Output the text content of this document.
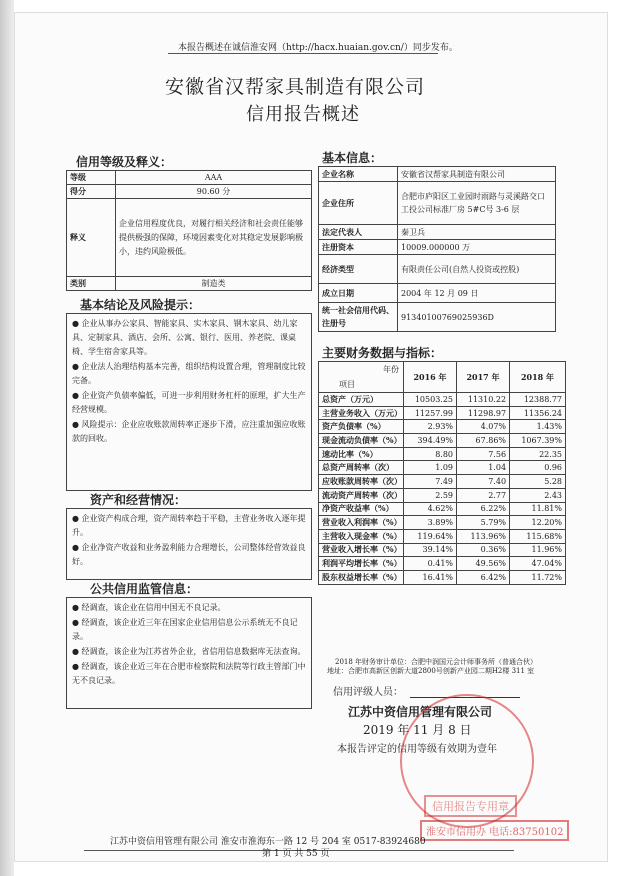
本报告概述在诚信淮安网（http://hacx.huaian.gov.cn/）同步发布。
安徽省汉帮家具制造有限公司
信用报告概述
信用等级及释义：
等级	AAA
得分	90.60 分
释义	企业信用程度优良，对履行相关经济和社会责任能够提供极强的保障，环境因素变化对其稳定发展影响极小，违约风险极低。
类别	制造类
基本信息：
企业名称	安徽省汉帮家具制造有限公司
企业住所	合肥市庐阳区工业园时雨路与灵溪路交口工投公司标准厂房 5#C号 3-6 层
法定代表人	秦卫兵
注册资本	10009.000000 万
经济类型	有限责任公司(自然人投资或控股)
成立日期	2004 年 12 月 09 日
统一社会信用代码、注册号	91340100769025936D
基本结论及风险提示：

● 企业从事办公家具、智能家具、实木家具、钢木家具、幼儿家具、定制家具、酒店、会所、公寓、银行、医用、养老院、课桌椅、学生宿舍家具等。

● 企业法人治理结构基本完善，组织结构设置合理，管理制度比较完备。

● 企业资产负债率偏低，可进一步利用财务杠杆的原理，扩大生产经营规模。

● 风险提示：企业应收账款周转率正逐步下滑，应注重加强应收账款的回收。

资产和经营情况：

● 企业资产构成合理，资产周转率趋于平稳，主营业务收入逐年提升。

● 企业净资产收益和业务盈利能力合理增长，公司整体经营效益良好。

公共信用监管信息：

● 经调查，该企业在信用中国无不良记录。

● 经调查，该企业近三年在国家企业信用信息公示系统无不良记录。

● 经调查，该企业为江苏省外企业，省信用信息数据库无法查询。

● 经调查，该企业近三年在合肥市检察院和法院等行政主管部门中无不良记录。

主要财务数据与指标：
年份
项目	2016 年	2017 年	2018 年
总资产（万元）	10503.25	11310.22	12388.77
主营业务收入（万元）	11257.99	11298.97	11356.24
资产负债率（%）	2.93%	4.07%	1.43%
现金流动负债率（%）	394.49%	67.86%	1067.39%
速动比率（%）	8.80	7.56	22.35
总资产周转率（次）	1.09	1.04	0.96
应收账款周转率（次）	7.49	7.40	5.28
流动资产周转率（次）	2.59	2.77	2.43
净资产收益率（%）	4.62%	6.22%	11.81%
营业收入利润率（%）	3.89%	5.79%	12.20%
主营收入现金率（%）	119.64%	113.96%	115.68%
营业收入增长率（%）	39.14%	0.36%	11.96%
利润平均增长率（%）	0.41%	49.56%	47.04%
股东权益增长率（%）	16.41%	6.42%	11.72%
2018 年财务审计单位：合肥中润国元会计师事务所（普通合伙）
地址：合肥市高新区创新大道2800号创新产业园二期H2楼 311 室
信用评级人员：
江苏中资信用管理有限公司
2019 年 11 月 8 日
本报告评定的信用等级有效期为壹年
信用报告专用章
淮安市信用办 电话:83750102
江苏中资信用管理有限公司 淮安市淮海东一路 12 号 204 室 0517-83924680
第 1 页 共 55 页
